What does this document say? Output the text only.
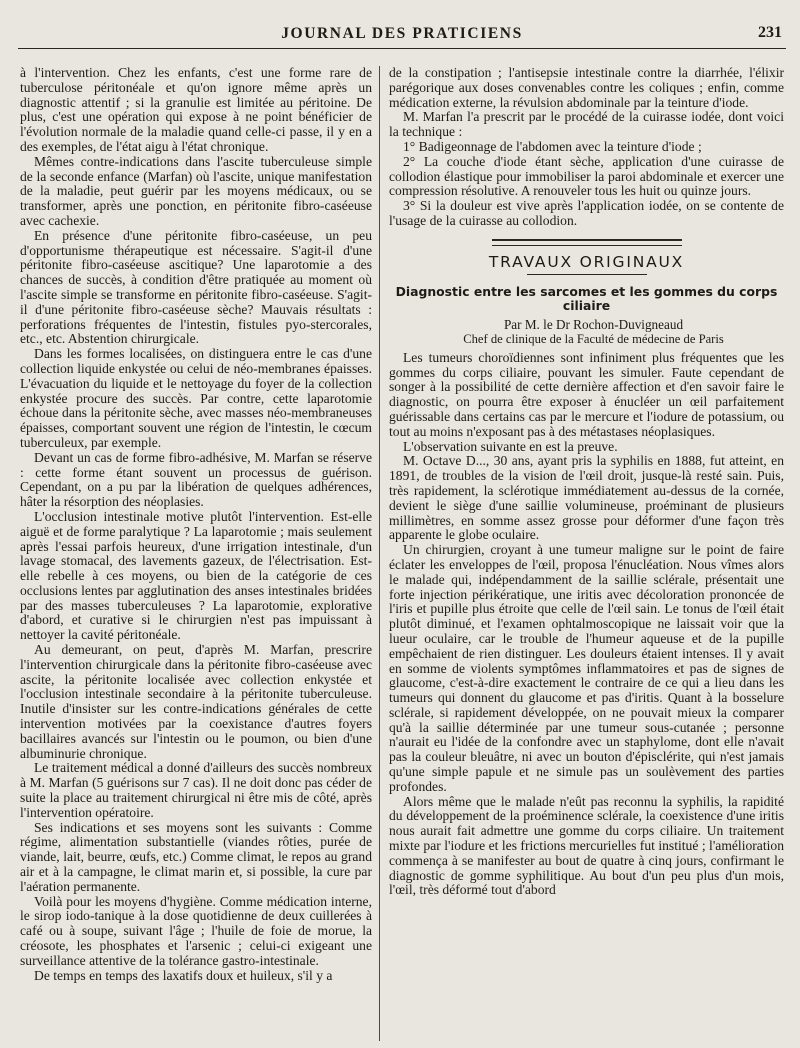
JOURNAL DES PRATICIENS	231

à l'intervention. Chez les enfants, c'est une forme rare de tuberculose péritonéale et qu'on ignore même après un diagnostic attentif ; si la granulie est limitée au péritoine. De plus, c'est une opération qui expose à ne point bénéficier de l'évolution normale de la maladie quand celle-ci passe, il y en a des exemples, de l'état aigu à l'état chronique.

Mêmes contre-indications dans l'ascite tuberculeuse simple de la seconde enfance (Marfan) où l'ascite, unique manifestation de la maladie, peut guérir par les moyens médicaux, ou se transformer, après une ponction, en péritonite fibro-caséeuse avec cachexie.

En présence d'une péritonite fibro-caséeuse, un peu d'opportunisme thérapeutique est nécessaire. S'agit-il d'une péritonite fibro-caséeuse ascitique? Une laparotomie a des chances de succès, à condition d'être pratiquée au moment où l'ascite simple se transforme en péritonite fibro-caséeuse. S'agit-il d'une péritonite fibro-caséeuse sèche? Mauvais résultats : perforations fréquentes de l'intestin, fistules pyo-stercorales, etc., etc. Abstention chirurgicale.

Dans les formes localisées, on distinguera entre le cas d'une collection liquide enkystée ou celui de néo-membranes épaisses. L'évacuation du liquide et le nettoyage du foyer de la collection enkystée procure des succès. Par contre, cette laparotomie échoue dans la péritonite sèche, avec masses néo-membraneuses épaisses, comportant souvent une région de l'intestin, le cœcum tuberculeux, par exemple.

Devant un cas de forme fibro-adhésive, M. Marfan se réserve : cette forme étant souvent un processus de guérison. Cependant, on a pu par la libération de quelques adhérences, hâter la résorption des néoplasies.

L'occlusion intestinale motive plutôt l'intervention. Est-elle aiguë et de forme paralytique ? La laparotomie ; mais seulement après l'essai parfois heureux, d'une irrigation intestinale, d'un lavage stomacal, des lavements gazeux, de l'électrisation. Est-elle rebelle à ces moyens, ou bien de la catégorie de ces occlusions lentes par agglutination des anses intestinales bridées par des masses tuberculeuses ? La laparotomie, explorative d'abord, et curative si le chirurgien n'est pas impuissant à nettoyer la cavité péritonéale.

Au demeurant, on peut, d'après M. Marfan, prescrire l'intervention chirurgicale dans la péritonite fibro-caséeuse avec ascite, la péritonite localisée avec collection enkystée et l'occlusion intestinale secondaire à la péritonite tuberculeuse. Inutile d'insister sur les contre-indications générales de cette intervention motivées par la coexistance d'autres foyers bacillaires avancés sur l'intestin ou le poumon, ou bien d'une albuminurie chronique.

Le traitement médical a donné d'ailleurs des succès nombreux à M. Marfan (5 guérisons sur 7 cas). Il ne doit donc pas céder de suite la place au traitement chirurgical ni être mis de côté, après l'intervention opératoire.

Ses indications et ses moyens sont les suivants : Comme régime, alimentation substantielle (viandes rôties, purée de viande, lait, beurre, œufs, etc.) Comme climat, le repos au grand air et à la campagne, le climat marin et, si possible, la cure par l'aération permanente.

Voilà pour les moyens d'hygiène. Comme médication interne, le sirop iodo-tanique à la dose quotidienne de deux cuillerées à café ou à soupe, suivant l'âge ; l'huile de foie de morue, la créosote, les phosphates et l'arsenic ; celui-ci exigeant une surveillance attentive de la tolérance gastro-intestinale.

De temps en temps des laxatifs doux et huileux, s'il y a

de la constipation ; l'antisepsie intestinale contre la diarrhée, l'élixir parégorique aux doses convenables contre les coliques ; enfin, comme médication externe, la révulsion abdominale par la teinture d'iode.

M. Marfan l'a prescrit par le procédé de la cuirasse iodée, dont voici la technique :

1° Badigeonnage de l'abdomen avec la teinture d'iode ;

2° La couche d'iode étant sèche, application d'une cuirasse de collodion élastique pour immobiliser la paroi abdominale et exercer une compression résolutive. A renouveler tous les huit ou quinze jours.

3° Si la douleur est vive après l'application iodée, on se contente de l'usage de la cuirasse au collodion.

TRAVAUX ORIGINAUX
Diagnostic entre les sarcomes et les gommes du corps ciliaire

Par M. le Dr Rochon-Duvigneaud

Chef de clinique de la Faculté de médecine de Paris

Les tumeurs choroïdiennes sont infiniment plus fréquentes que les gommes du corps ciliaire, pouvant les simuler. Faute cependant de songer à la possibilité de cette dernière affection et d'en savoir faire le diagnostic, on pourra être exposer à énucléer un œil parfaitement guérissable dans certains cas par le mercure et l'iodure de potassium, ou tout au moins n'exposant pas à des métastases néoplasiques.

L'observation suivante en est la preuve.

M. Octave D..., 30 ans, ayant pris la syphilis en 1888, fut atteint, en 1891, de troubles de la vision de l'œil droit, jusque-là resté sain. Puis, très rapidement, la sclérotique immédiatement au-dessus de la cornée, devient le siège d'une saillie volumineuse, proéminant de plusieurs millimètres, en somme assez grosse pour déformer d'une façon très apparente le globe oculaire.

Un chirurgien, croyant à une tumeur maligne sur le point de faire éclater les enveloppes de l'œil, proposa l'énucléation. Nous vîmes alors le malade qui, indépendamment de la saillie sclérale, présentait une forte injection périkératique, une iritis avec décoloration prononcée de l'iris et pupille plus étroite que celle de l'œil sain. Le tonus de l'œil était plutôt diminué, et l'examen ophtalmoscopique ne laissait voir que la lueur oculaire, car le trouble de l'humeur aqueuse et de la pupille empêchaient de rien distinguer. Les douleurs étaient intenses. Il y avait en somme de violents symptômes inflammatoires et pas de signes de glaucome, c'est-à-dire exactement le contraire de ce qui a lieu dans les tumeurs qui donnent du glaucome et pas d'iritis. Quant à la bosselure sclérale, si rapidement développée, on ne pouvait mieux la comparer qu'à la saillie déterminée par une tumeur sous-cutanée ; personne n'aurait eu l'idée de la confondre avec un staphylome, dont elle n'avait pas la couleur bleuâtre, ni avec un bouton d'épisclérite, qui n'est jamais qu'une simple papule et ne simule pas un soulèvement des parties profondes.

Alors même que le malade n'eût pas reconnu la syphilis, la rapidité du développement de la proéminence sclérale, la coexistence d'une iritis nous aurait fait admettre une gomme du corps ciliaire. Un traitement mixte par l'iodure et les frictions mercurielles fut institué ; l'amélioration commença à se manifester au bout de quatre à cinq jours, confirmant le diagnostic de gomme syphilitique. Au bout d'un peu plus d'un mois, l'œil, très déformé tout d'abord
